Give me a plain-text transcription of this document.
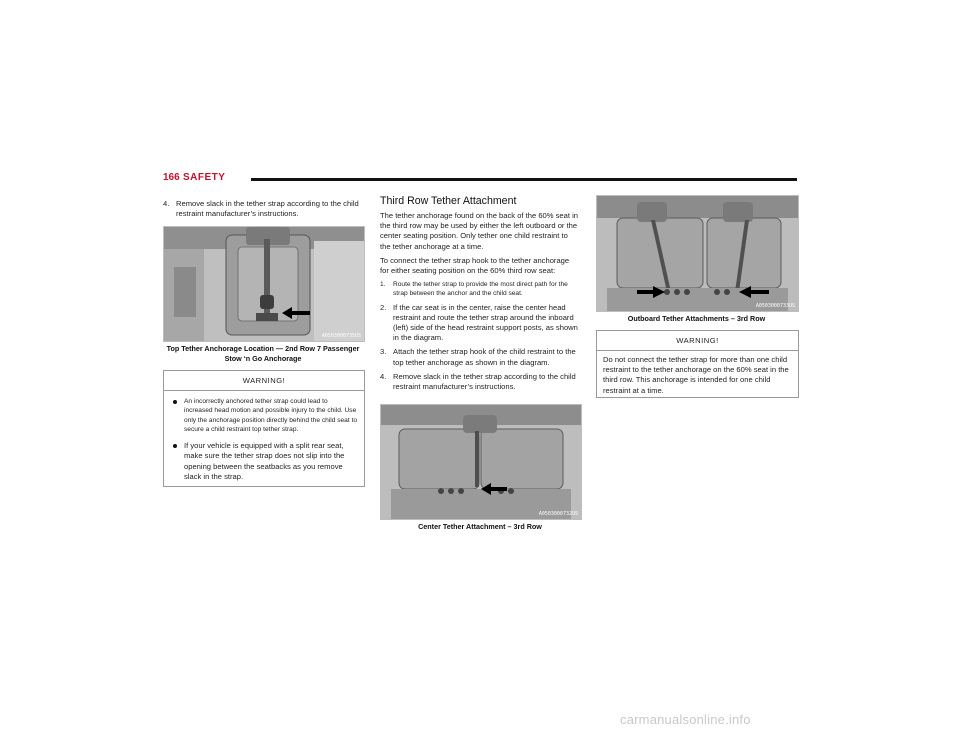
166 SAFETY
4. Remove slack in the tether strap according to the child restraint manufacturer’s instructions.
A0503000735US
Top Tether Anchorage Location — 2nd Row 7 Passenger Stow ‘n Go Anchorage
WARNING!
An incorrectly anchored tether strap could lead to increased head motion and possible injury to the child. Use only the anchorage position directly behind the child seat to secure a child restraint top tether strap.
If your vehicle is equipped with a split rear seat, make sure the tether strap does not slip into the opening between the seatbacks as you remove slack in the strap.
Third Row Tether Attachment
The tether anchorage found on the back of the 60% seat in the third row may be used by either the left outboard or the center seating position. Only tether one child restraint to the tether anchorage at a time.
To connect the tether strap hook to the tether anchorage for either seating position on the 60% third row seat:
1. Route the tether strap to provide the most direct path for the strap between the anchor and the child seat.
2. If the car seat is in the center, raise the center head restraint and route the tether strap around the inboard (left) side of the head restraint support posts, as shown in the diagram.
3. Attach the tether strap hook of the child restraint to the top tether anchorage as shown in the diagram.
4. Remove slack in the tether strap according to the child restraint manufacturer’s instructions.
A0503000732US
Center Tether Attachment – 3rd Row
A0503000733US
Outboard Tether Attachments – 3rd Row
WARNING!
Do not connect the tether strap for more than one child restraint to the tether anchorage on the 60% seat in the third row. This anchorage is intended for one child restraint at a time.
carmanualsonline.info
